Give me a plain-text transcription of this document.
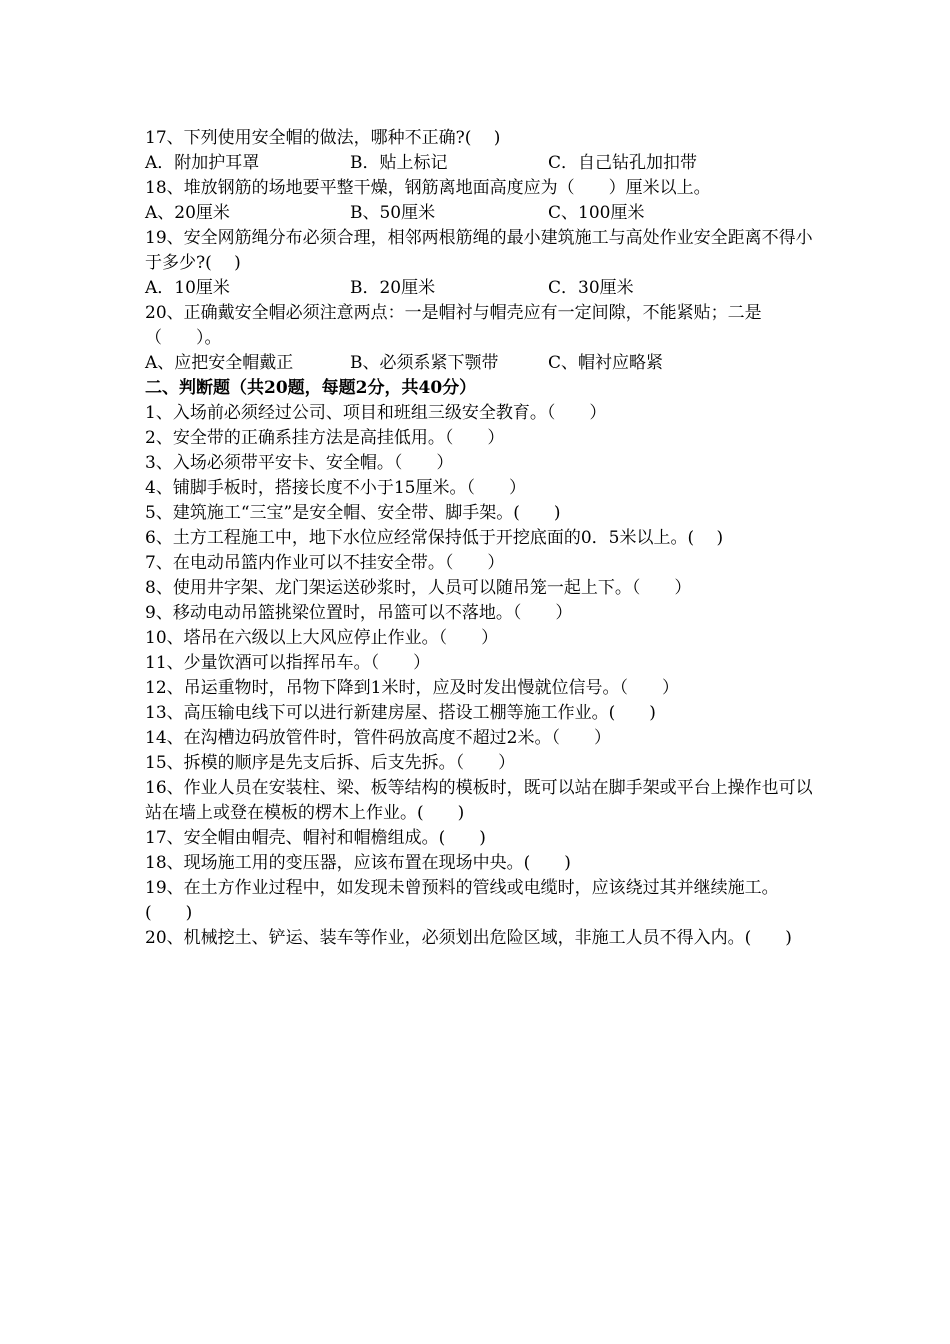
17、下列使用安全帽的做法，哪种不正确?(　 )
A．附加护耳罩	B．贴上标记	C．自己钻孔加扣带
18、堆放钢筋的场地要平整干燥，钢筋离地面高度应为（　　）厘米以上。
A、20厘米	B、50厘米	C、100厘米
19、安全网筋绳分布必须合理，相邻两根筋绳的最小建筑施工与高处作业安全距离不得小于多少?(　 )
A．10厘米	B．20厘米	C．30厘米
20、正确戴安全帽必须注意两点：一是帽衬与帽壳应有一定间隙，不能紧贴；二是（　　）。
A、应把安全帽戴正	B、必须系紧下颚带	C、帽衬应略紧
二、判断题（共20题，每题2分，共40分）
1、入场前必须经过公司、项目和班组三级安全教育。（　　）
2、安全带的正确系挂方法是高挂低用。（　　）
3、入场必须带平安卡、安全帽。（　　）
4、铺脚手板时，搭接长度不小于15厘米。（　　）
5、建筑施工“三宝”是安全帽、安全带、脚手架。(　　)
6、土方工程施工中，地下水位应经常保持低于开挖底面的0．5米以上。(　 )
7、在电动吊篮内作业可以不挂安全带。（　　）
8、使用井字架、龙门架运送砂浆时，人员可以随吊笼一起上下。（　　）
9、移动电动吊篮挑梁位置时，吊篮可以不落地。（　　）
10、塔吊在六级以上大风应停止作业。（　　）
11、少量饮酒可以指挥吊车。（　　）
12、吊运重物时，吊物下降到1米时，应及时发出慢就位信号。（　　）
13、高压输电线下可以进行新建房屋、搭设工棚等施工作业。(　　)
14、在沟槽边码放管件时，管件码放高度不超过2米。（　　）
15、拆模的顺序是先支后拆、后支先拆。（　　）
16、作业人员在安装柱、梁、板等结构的模板时，既可以站在脚手架或平台上操作也可以站在墙上或登在模板的楞木上作业。(　　)
17、安全帽由帽壳、帽衬和帽檐组成。(　　)
18、现场施工用的变压器，应该布置在现场中央。(　　)
19、在土方作业过程中，如发现未曾预料的管线或电缆时，应该绕过其并继续施工。(　　)
20、机械挖土、铲运、装车等作业，必须划出危险区域，非施工人员不得入内。(　　)
